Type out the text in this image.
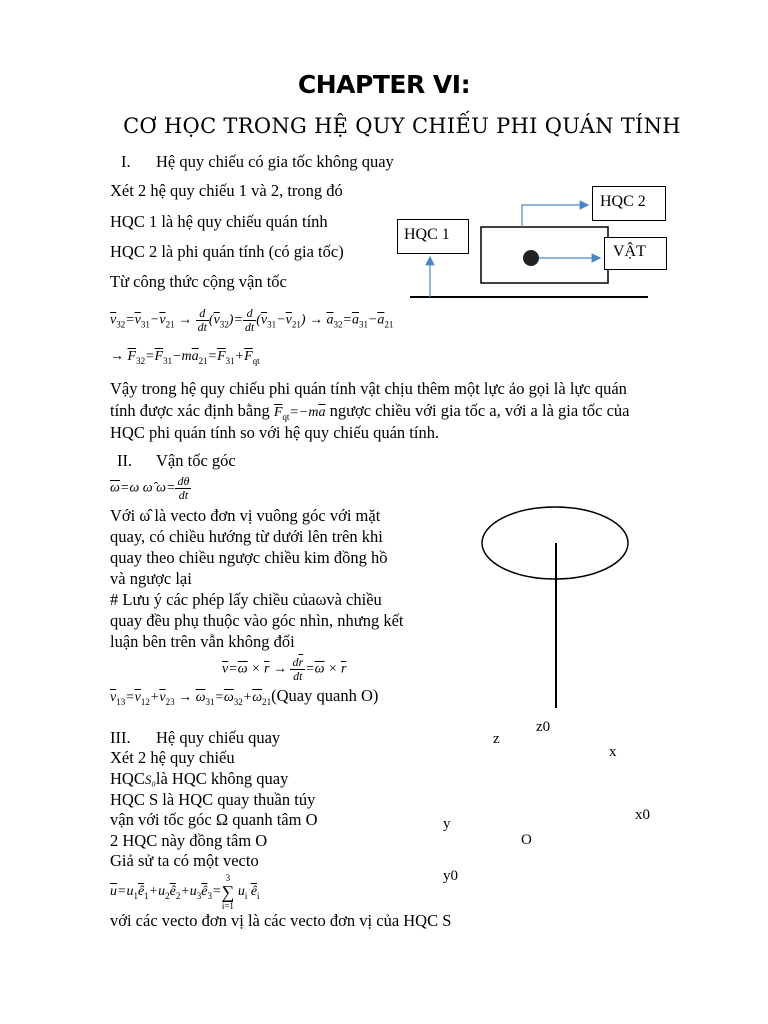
CHAPTER VI:
CƠ HỌC TRONG HỆ QUY CHIẾU PHI QUÁN TÍNH
I. Hệ quy chiếu có gia tốc không quay
Xét 2 hệ quy chiếu 1 và 2, trong đó
HQC 1 là hệ quy chiếu quán tính
HQC 2 là phi quán tính (có gia tốc)
Từ công thức cộng vận tốc
$\overline{v}_{32}=\overline{v}_{31}-\overline{v}_{21} \to \frac{d}{dt} (\overline{v}_{32})= \frac{d}{dt} (\overline{v}_{31}-\overline{v}_{21}) \to \overline{a}_{32}=\overline{a}_{31}-\overline{a}_{21}$
→ $\overline{F}_{32}=\overline{F}_{31}-m\overline{a}_{21}=\overline{F}_{31}+\overline{F}_{qt}$
Vậy trong hệ quy chiếu phi quán tính vật chịu thêm một lực ảo gọi là lực quán
tính được xác định bằng $\overline{F}_{qt}=-m\overline{a}$ ngược chiều với gia tốc a, với a là gia tốc của
HQC phi quán tính so với hệ quy chiếu quán tính.
HQC 1
HQC 2
VẬT
II. Vận tốc góc
$\overline{\omega}=\omega$ ω̂ $\omega= \frac{d\theta}{dt}$
Với ω̂ là vecto đơn vị vuông góc với mặt
quay, có chiều hướng từ dưới lên trên khi
quay theo chiều ngược chiều kim đồng hồ
và ngược lại
# Lưu ý các phép lấy chiều củaωvà chiều
quay đều phụ thuộc vào góc nhìn, nhưng kết
luận bên trên vẫn không đổi
$\overline{v}=\overline{\omega} \times \overline{r} \to \frac{d\overline{r}}{dt} =\overline{\omega} \times \overline{r}$
$\overline{v}_{13}=\overline{v}_{12}+\overline{v}_{23}$ → $\overline{\omega}_{31}=\overline{\omega}_{32}+\overline{\omega}_{21}(Quay$ quanh O)
III. Hệ quy chiếu quay
Xét 2 hệ quy chiếu
HQCS₀là HQC không quay
HQC S là HQC quay thuần túy
vận với tốc góc Ω quanh tâm O
2 HQC này đồng tâm O
Giả sử ta có một vecto
$\overline{u}=u_1\overline{ê}_1+u_2\overline{ê}_2+u_3\overline{ê}_3=$
3
∑
i=1
$u_i$ $\overline{ê}_i$
với các vecto đơn vị là các vecto đơn vị của HQC S
z0
z
x
x0
y
O
y0
